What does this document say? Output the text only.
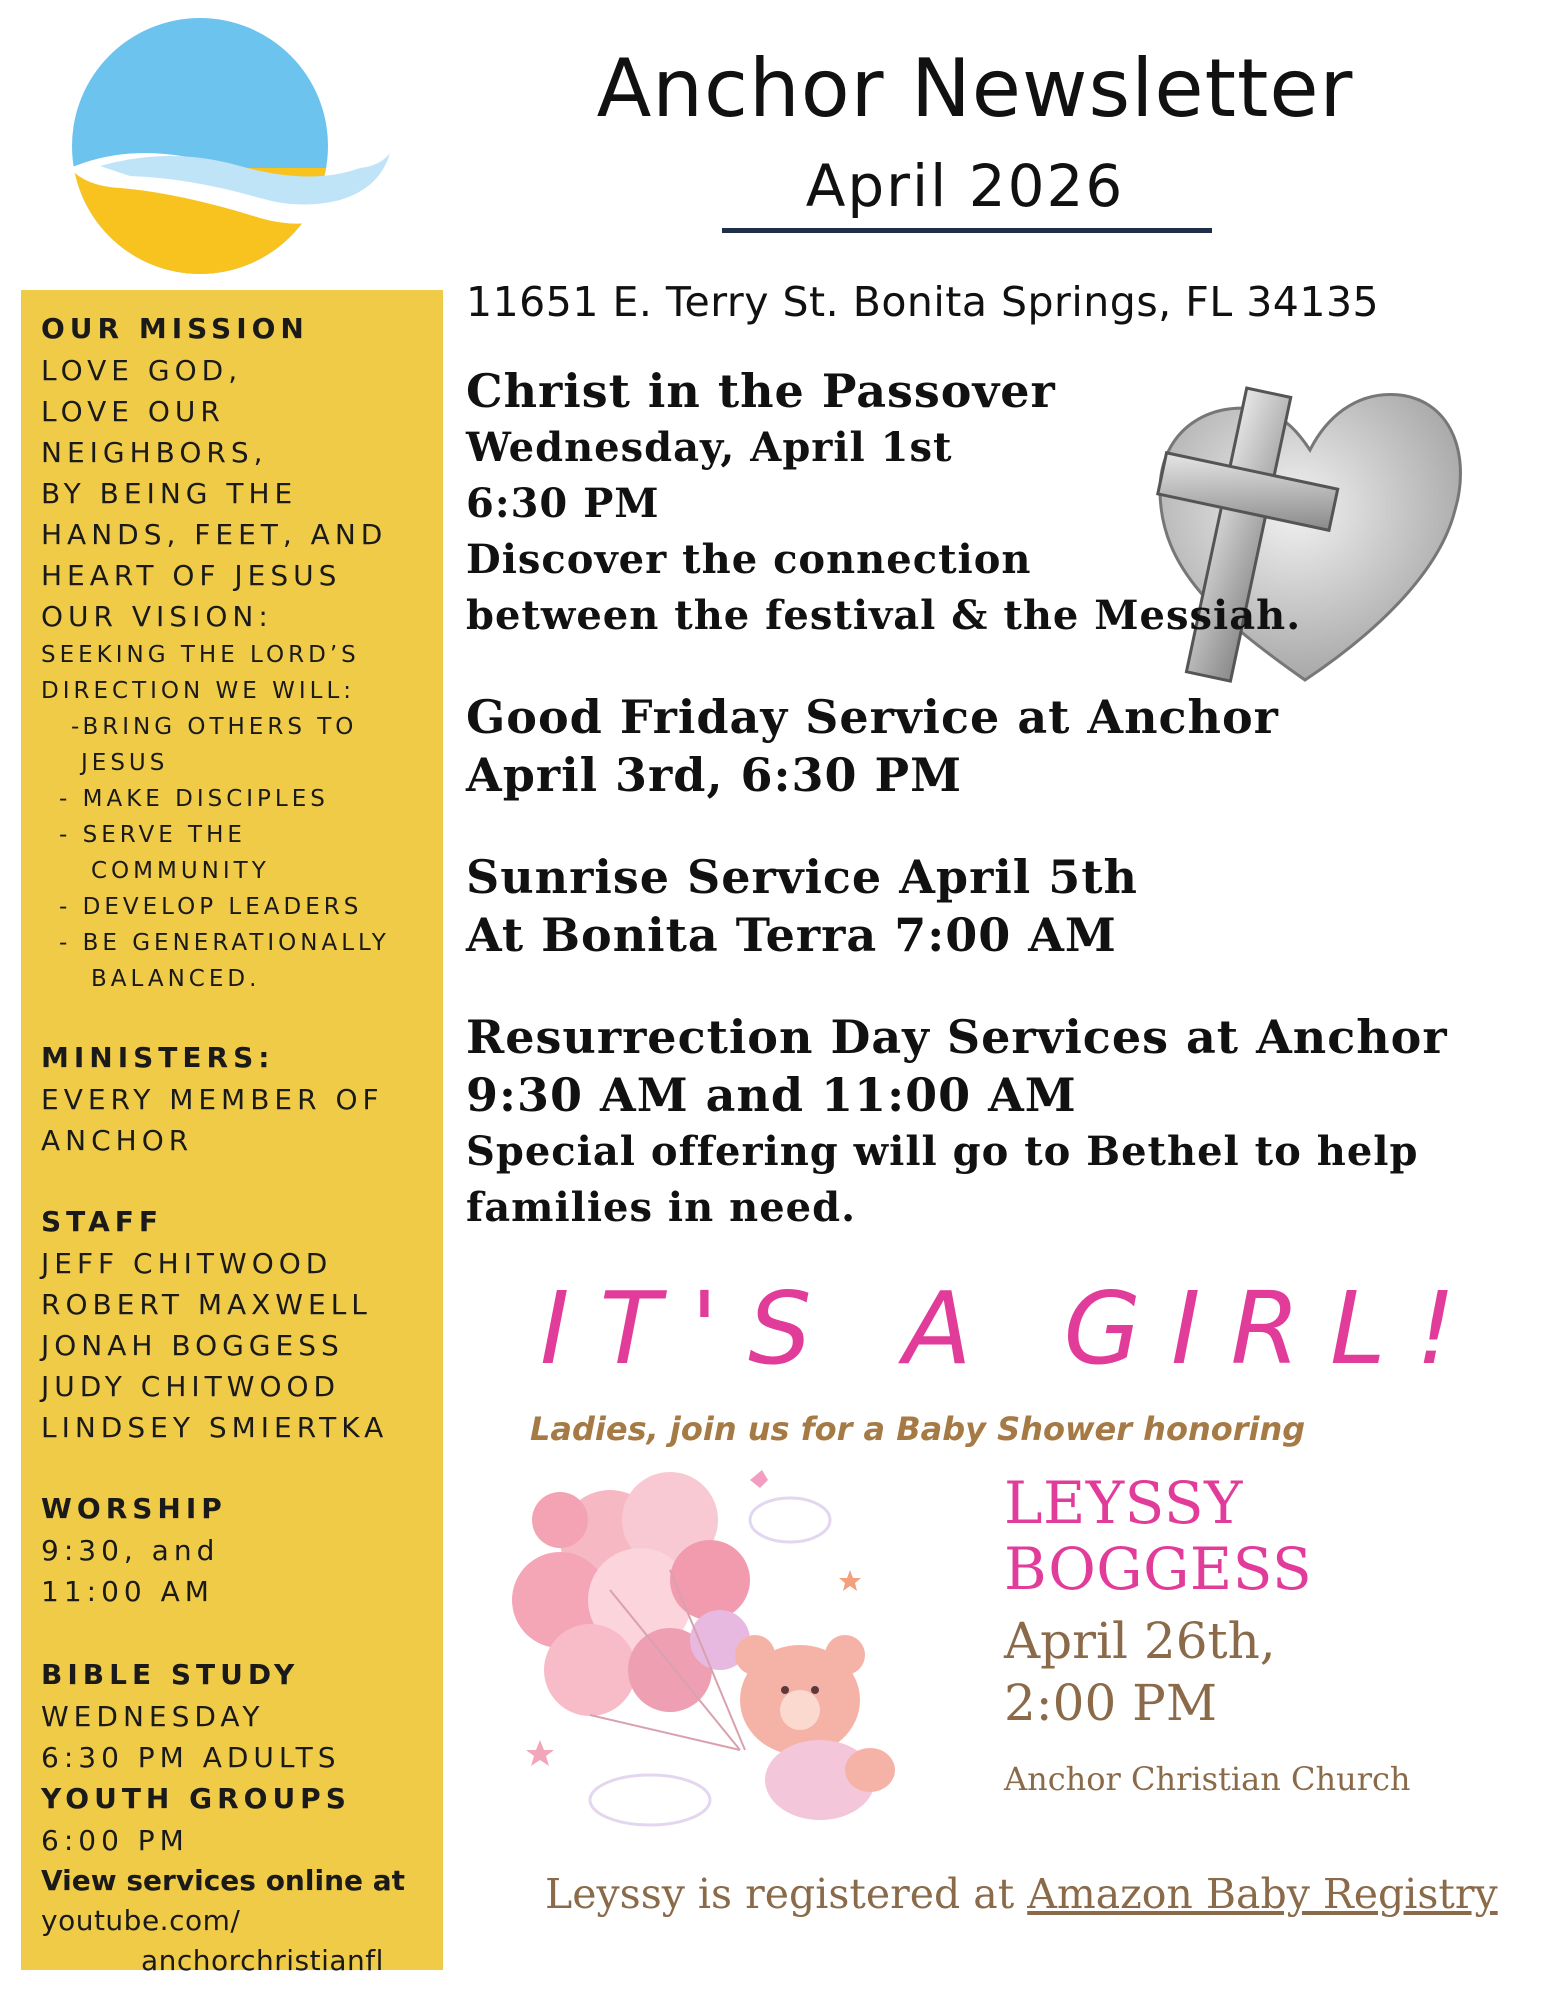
Anchor Newsletter
April 2026
OUR MISSION
LOVE GOD,
LOVE OUR
NEIGHBORS,
BY BEING THE
HANDS, FEET, AND
HEART OF JESUS
OUR VISION:
SEEKING THE LORD’S
DIRECTION WE WILL:
-BRING OTHERS TO
JESUS
- MAKE DISCIPLES
- SERVE THE
COMMUNITY
- DEVELOP LEADERS
- BE GENERATIONALLY
BALANCED.
MINISTERS:
EVERY MEMBER OF
ANCHOR
STAFF
JEFF CHITWOOD
ROBERT MAXWELL
JONAH BOGGESS
JUDY CHITWOOD
LINDSEY SMIERTKA
WORSHIP
9:30, and
11:00 AM
BIBLE STUDY
WEDNESDAY
6:30 PM ADULTS
YOUTH GROUPS
6:00 PM
View services online at
youtube.com/
anchorchristianfl
11651 E. Terry St. Bonita Springs, FL 34135
Christ in the Passover
Wednesday, April 1st
6:30 PM
Discover the connection
between the festival & the Messiah.
Good Friday Service at Anchor
April 3rd, 6:30 PM
Sunrise Service April 5th
At Bonita Terra 7:00 AM
Resurrection Day Services at Anchor
9:30 AM and 11:00 AM
Special offering will go to Bethel to help
families in need.
IT'S A GIRL!
Ladies, join us for a Baby Shower honoring
LEYSSY
BOGGESS
April 26th,
2:00 PM
Anchor Christian Church
Leyssy is registered at Amazon Baby Registry
